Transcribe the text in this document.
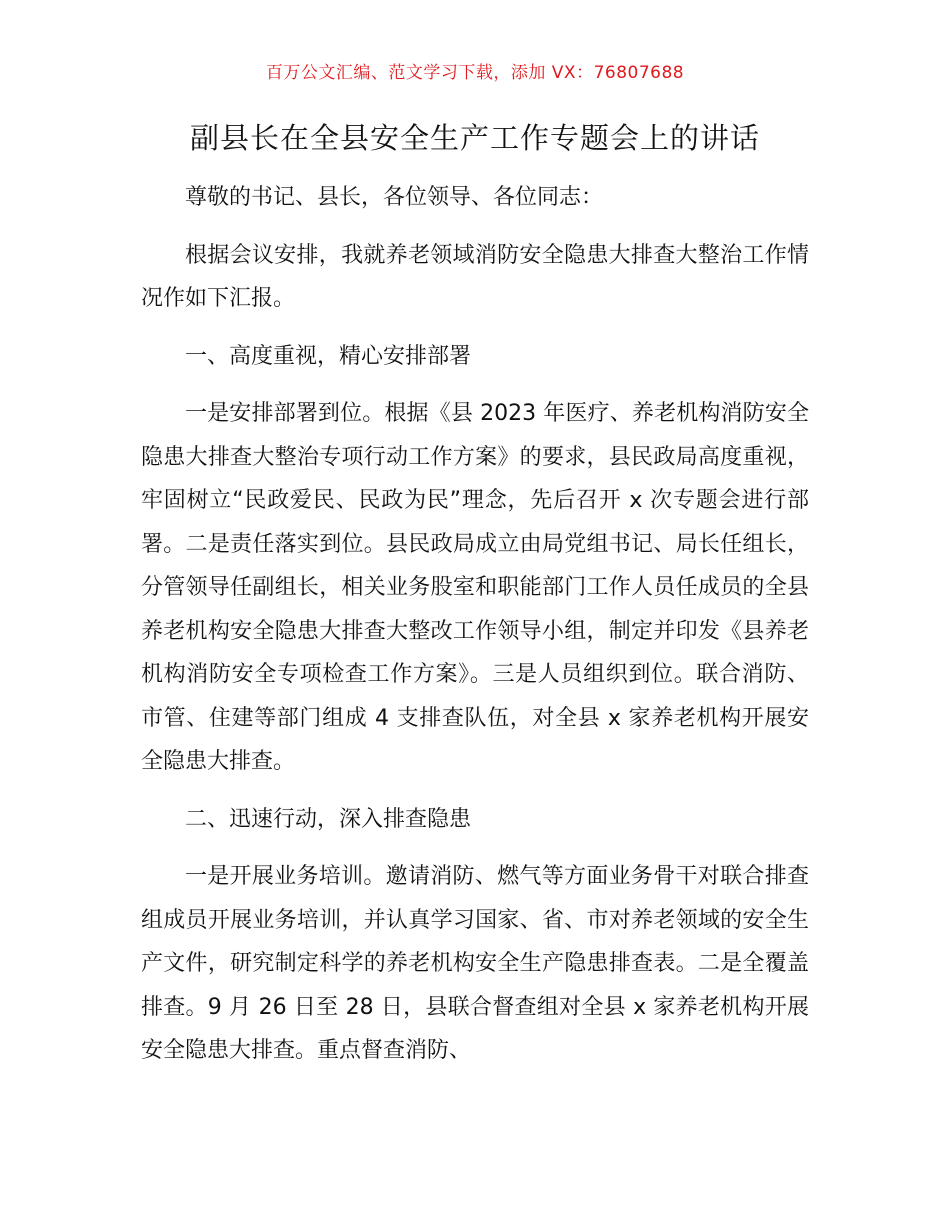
百万公文汇编、范文学习下载，添加 VX：76807688
副县长在全县安全生产工作专题会上的讲话

尊敬的书记、县长，各位领导、各位同志：

根据会议安排，我就养老领域消防安全隐患大排查大整治工作情况作如下汇报。

一、高度重视，精心安排部署

一是安排部署到位。根据《县 2023 年医疗、养老机构消防安全隐患大排查大整治专项行动工作方案》的要求，县民政局高度重视，牢固树立“民政爱民、民政为民”理念，先后召开 x 次专题会进行部署。二是责任落实到位。县民政局成立由局党组书记、局长任组长，分管领导任副组长，相关业务股室和职能部门工作人员任成员的全县养老机构安全隐患大排查大整改工作领导小组，制定并印发《县养老机构消防安全专项检查工作方案》。三是人员组织到位。联合消防、市管、住建等部门组成 4 支排查队伍，对全县 x 家养老机构开展安全隐患大排查。

二、迅速行动，深入排查隐患

一是开展业务培训。邀请消防、燃气等方面业务骨干对联合排查组成员开展业务培训，并认真学习国家、省、市对养老领域的安全生产文件，研究制定科学的养老机构安全生产隐患排查表。二是全覆盖排查。9 月 26 日至 28 日，县联合督查组对全县 x 家养老机构开展安全隐患大排查。重点督查消防、
